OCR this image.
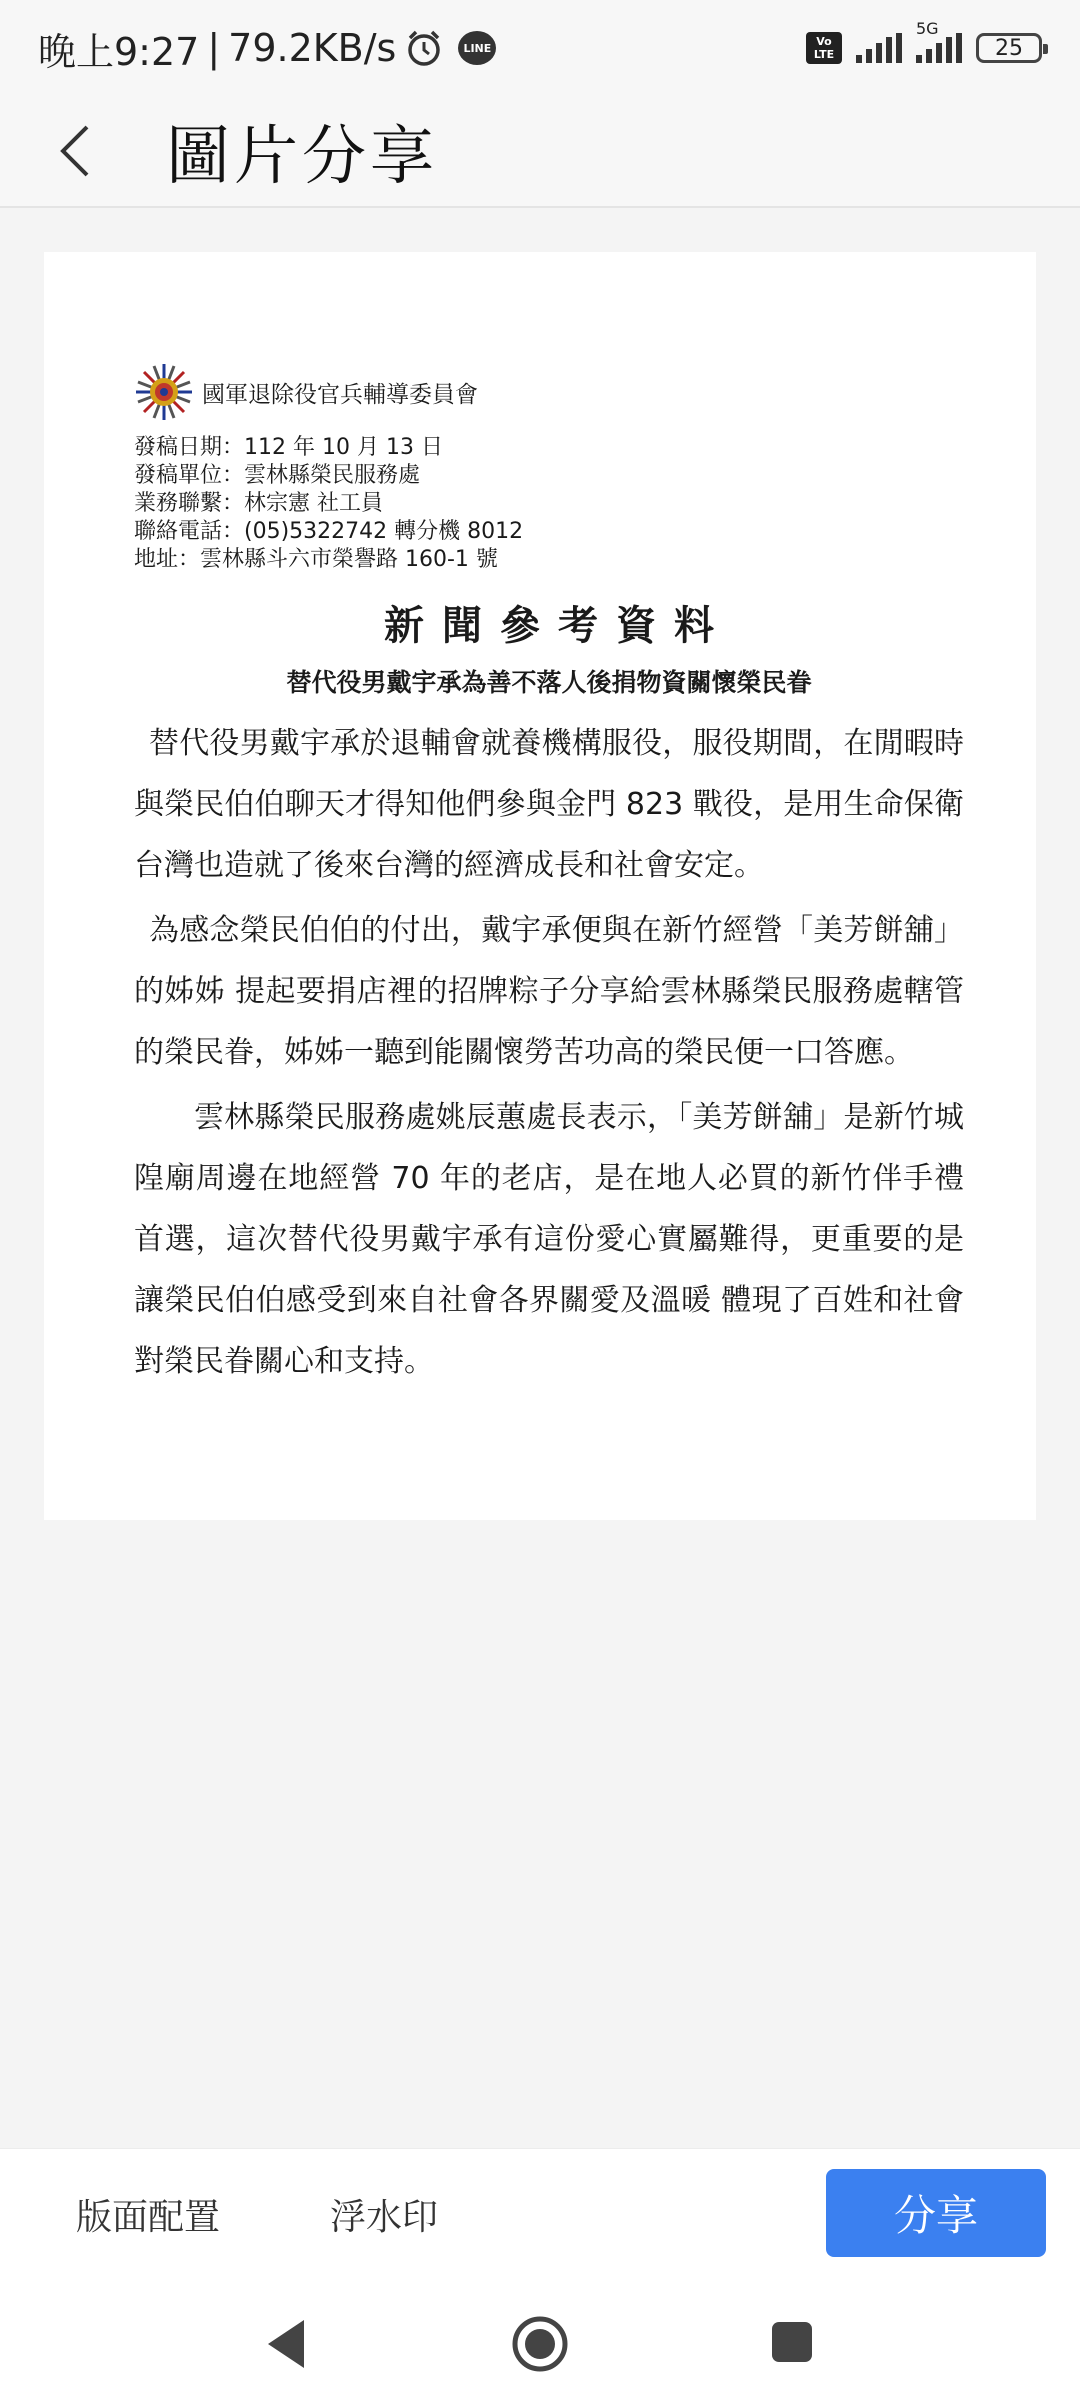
晚上9:27 | 79.2KB/s	LINE	Vo
LTE
5G
25
圖片分享
國軍退除役官兵輔導委員會
發稿日期：112 年 10 月 13 日
發稿單位：雲林縣榮民服務處
業務聯繫：林宗憲 社工員
聯絡電話：(05)5322742 轉分機 8012
地址：雲林縣斗六市榮譽路 160-1 號
新聞參考資料
替代役男戴宇承為善不落人後捐物資關懷榮民眷
替代役男戴宇承於退輔會就養機構服役，服役期間，在閒暇時與榮民伯伯聊天才得知他們參與金門 823 戰役，是用生命保衛台灣也造就了後來台灣的經濟成長和社會安定。
為感念榮民伯伯的付出，戴宇承便與在新竹經營「美芳餅舖」的姊姊 提起要捐店裡的招牌粽子分享給雲林縣榮民服務處轄管的榮民眷，姊姊一聽到能關懷勞苦功高的榮民便一口答應。
雲林縣榮民服務處姚辰蕙處長表示，「美芳餅舖」是新竹城隍廟周邊在地經營 70 年的老店，是在地人必買的新竹伴手禮首選，這次替代役男戴宇承有這份愛心實屬難得，更重要的是讓榮民伯伯感受到來自社會各界關愛及溫暖 體現了百姓和社會對榮民眷關心和支持。
版面配置	浮水印	分享
